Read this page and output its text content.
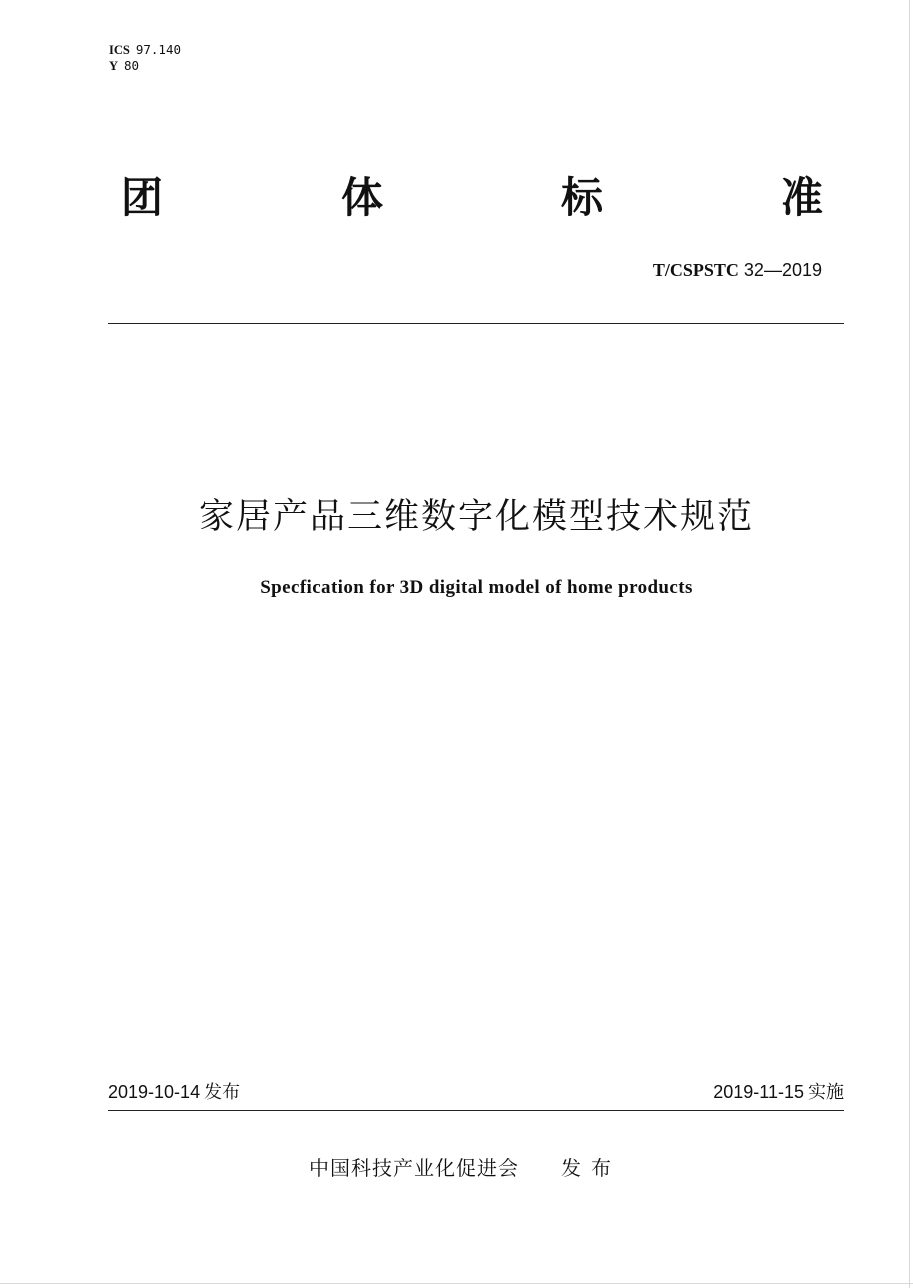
ICS 97.140
Y 80
团	体	标	准
T/CSPSTC 32—2019
家居产品三维数字化模型技术规范
Specfication for 3D digital model of home products
2019-10-14 发布	2019-11-15 实施
中国科技产业化促进会 发布
